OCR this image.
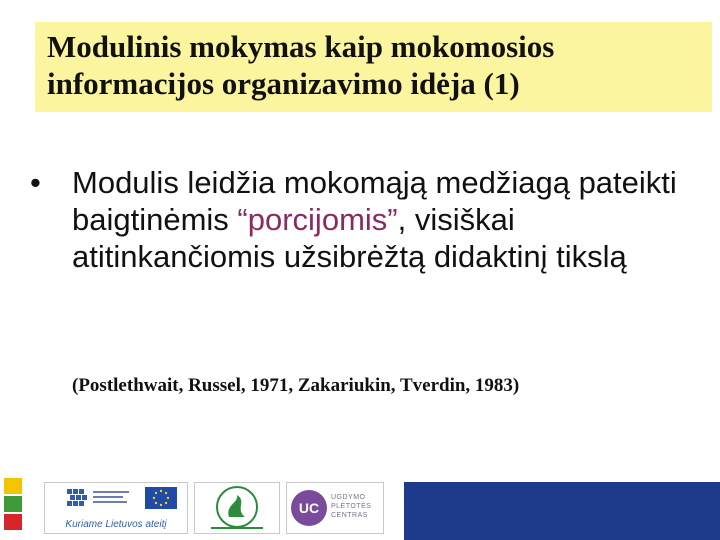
Modulinis mokymas kaip mokomosios
informacijos organizavimo idėja (1)
• Modulis leidžia mokomąją medžiagą pateikti baigtinėmis “porcijomis”, visiškai atitinkančiomis užsibrėžtą didaktinį tikslą
(Postlethwait, Russel, 1971, Zakariukin, Tverdin, 1983)
Kuriame Lietuvos ateitį
UC
UGDYMO PLĖTOTĖS CENTRAS
